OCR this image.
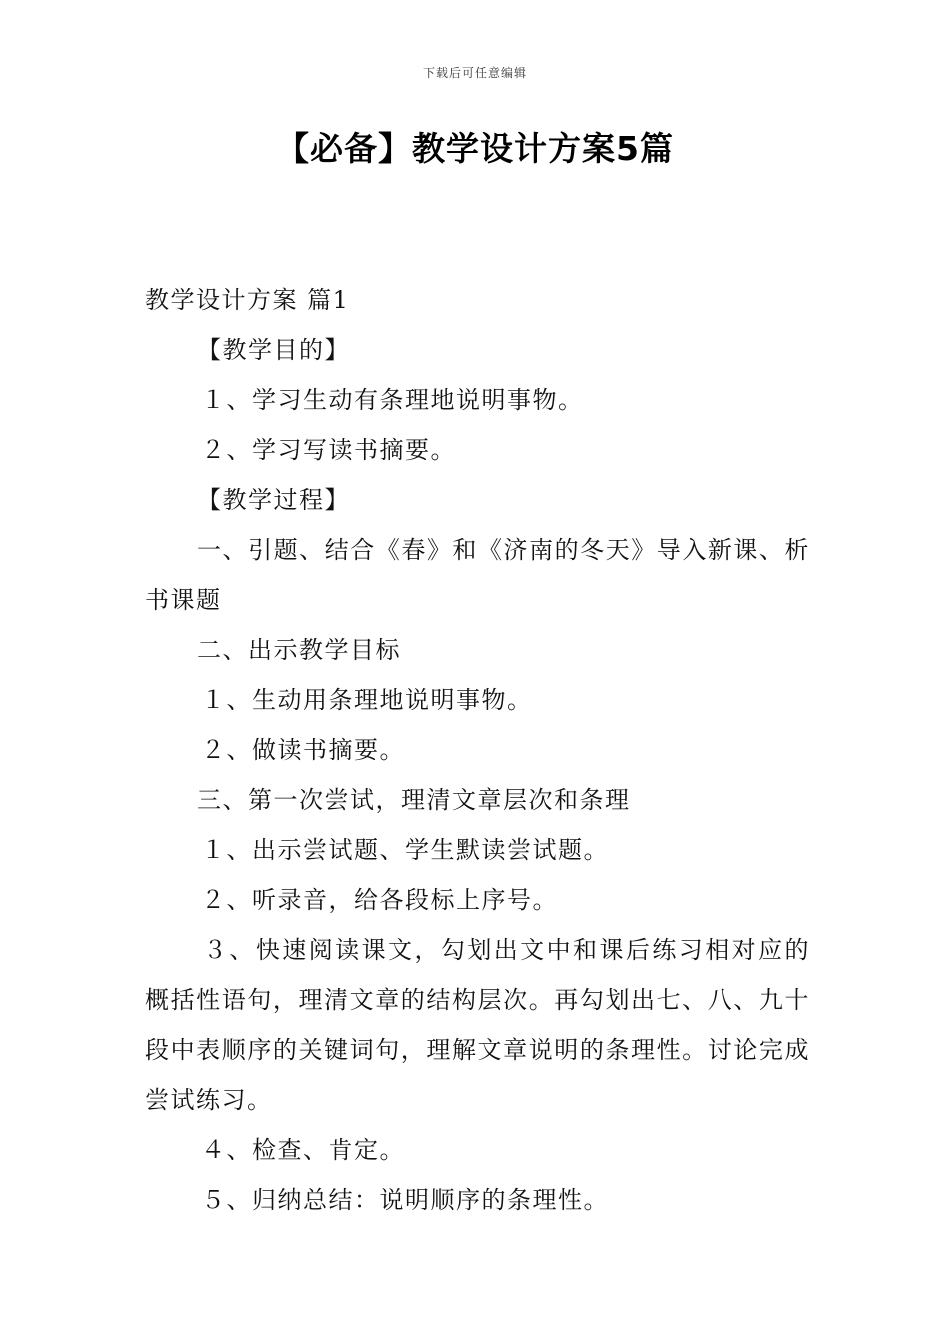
下载后可任意编辑
【必备】教学设计方案5篇

教学设计方案 篇1

【教学目的】

１、学习生动有条理地说明事物。

２、学习写读书摘要。

【教学过程】

一、引题、结合《春》和《济南的冬天》导入新课、析书课题

二、出示教学目标

１、生动用条理地说明事物。

２、做读书摘要。

三、第一次尝试，理清文章层次和条理

１、出示尝试题、学生默读尝试题。

２、听录音，给各段标上序号。

３、快速阅读课文，勾划出文中和课后练习相对应的概括性语句，理清文章的结构层次。再勾划出七、八、九十段中表顺序的关键词句，理解文章说明的条理性。讨论完成尝试练习。

４、检查、肯定。

５、归纳总结：说明顺序的条理性。
